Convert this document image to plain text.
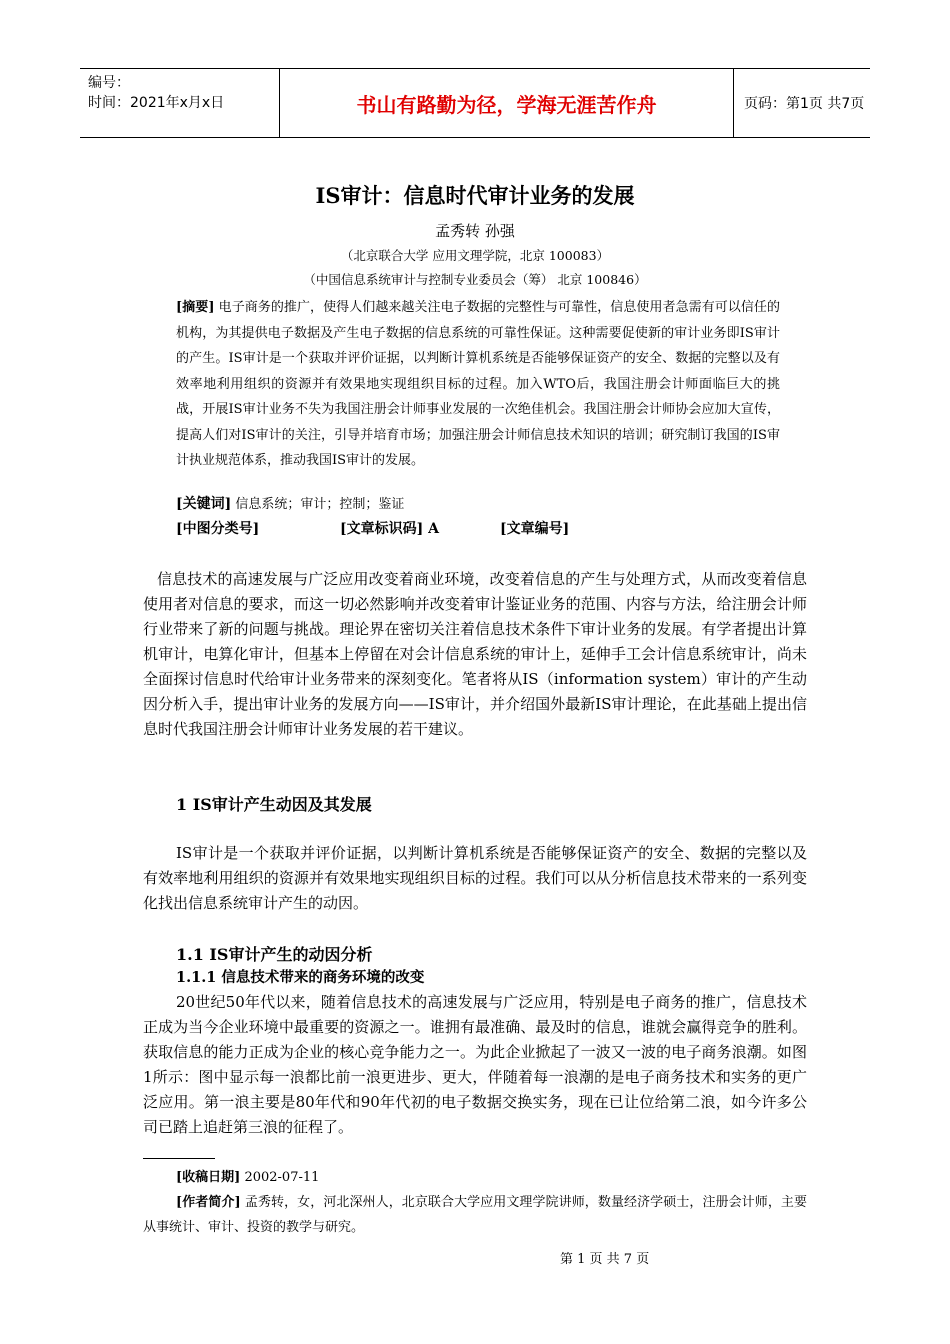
编号：
时间：2021年x月x日	书山有路勤为径，学海无涯苦作舟	页码：第1页 共7页
IS审计：信息时代审计业务的发展
孟秀转 孙强
（北京联合大学 应用文理学院，北京 100083）
（中国信息系统审计与控制专业委员会（筹） 北京 100846）
[摘要] 电子商务的推广，使得人们越来越关注电子数据的完整性与可靠性，信息使用者急需有可以信任的机构，为其提供电子数据及产生电子数据的信息系统的可靠性保证。这种需要促使新的审计业务即IS审计的产生。IS审计是一个获取并评价证据，以判断计算机系统是否能够保证资产的安全、数据的完整以及有效率地利用组织的资源并有效果地实现组织目标的过程。加入WTO后，我国注册会计师面临巨大的挑战，开展IS审计业务不失为我国注册会计师事业发展的一次绝佳机会。我国注册会计师协会应加大宣传，提高人们对IS审计的关注，引导并培育市场；加强注册会计师信息技术知识的培训；研究制订我国的IS审计执业规范体系，推动我国IS审计的发展。
[关键词] 信息系统；审计；控制；鉴证
[中图分类号]	[文章标识码] A	[文章编号]
信息技术的高速发展与广泛应用改变着商业环境，改变着信息的产生与处理方式，从而改变着信息使用者对信息的要求，而这一切必然影响并改变着审计鉴证业务的范围、内容与方法，给注册会计师行业带来了新的问题与挑战。理论界在密切关注着信息技术条件下审计业务的发展。有学者提出计算机审计，电算化审计，但基本上停留在对会计信息系统的审计上，延伸手工会计信息系统审计，尚未全面探讨信息时代给审计业务带来的深刻变化。笔者将从IS（information system）审计的产生动因分析入手，提出审计业务的发展方向——IS审计，并介绍国外最新IS审计理论，在此基础上提出信息时代我国注册会计师审计业务发展的若干建议。
1 IS审计产生动因及其发展
IS审计是一个获取并评价证据，以判断计算机系统是否能够保证资产的安全、数据的完整以及有效率地利用组织的资源并有效果地实现组织目标的过程。我们可以从分析信息技术带来的一系列变化找出信息系统审计产生的动因。
1.1 IS审计产生的动因分析
1.1.1 信息技术带来的商务环境的改变
20世纪50年代以来，随着信息技术的高速发展与广泛应用，特别是电子商务的推广，信息技术正成为当今企业环境中最重要的资源之一。谁拥有最准确、最及时的信息，谁就会赢得竞争的胜利。获取信息的能力正成为企业的核心竞争能力之一。为此企业掀起了一波又一波的电子商务浪潮。如图1所示：图中显示每一浪都比前一浪更进步、更大，伴随着每一浪潮的是电子商务技术和实务的更广泛应用。第一浪主要是80年代和90年代初的电子数据交换实务，现在已让位给第二浪，如今许多公司已踏上追赶第三浪的征程了。
[收稿日期] 2002-07-11
[作者简介] 孟秀转，女，河北深州人，北京联合大学应用文理学院讲师，数量经济学硕士，注册会计师，主要从事统计、审计、投资的教学与研究。
第 1 页 共 7 页
